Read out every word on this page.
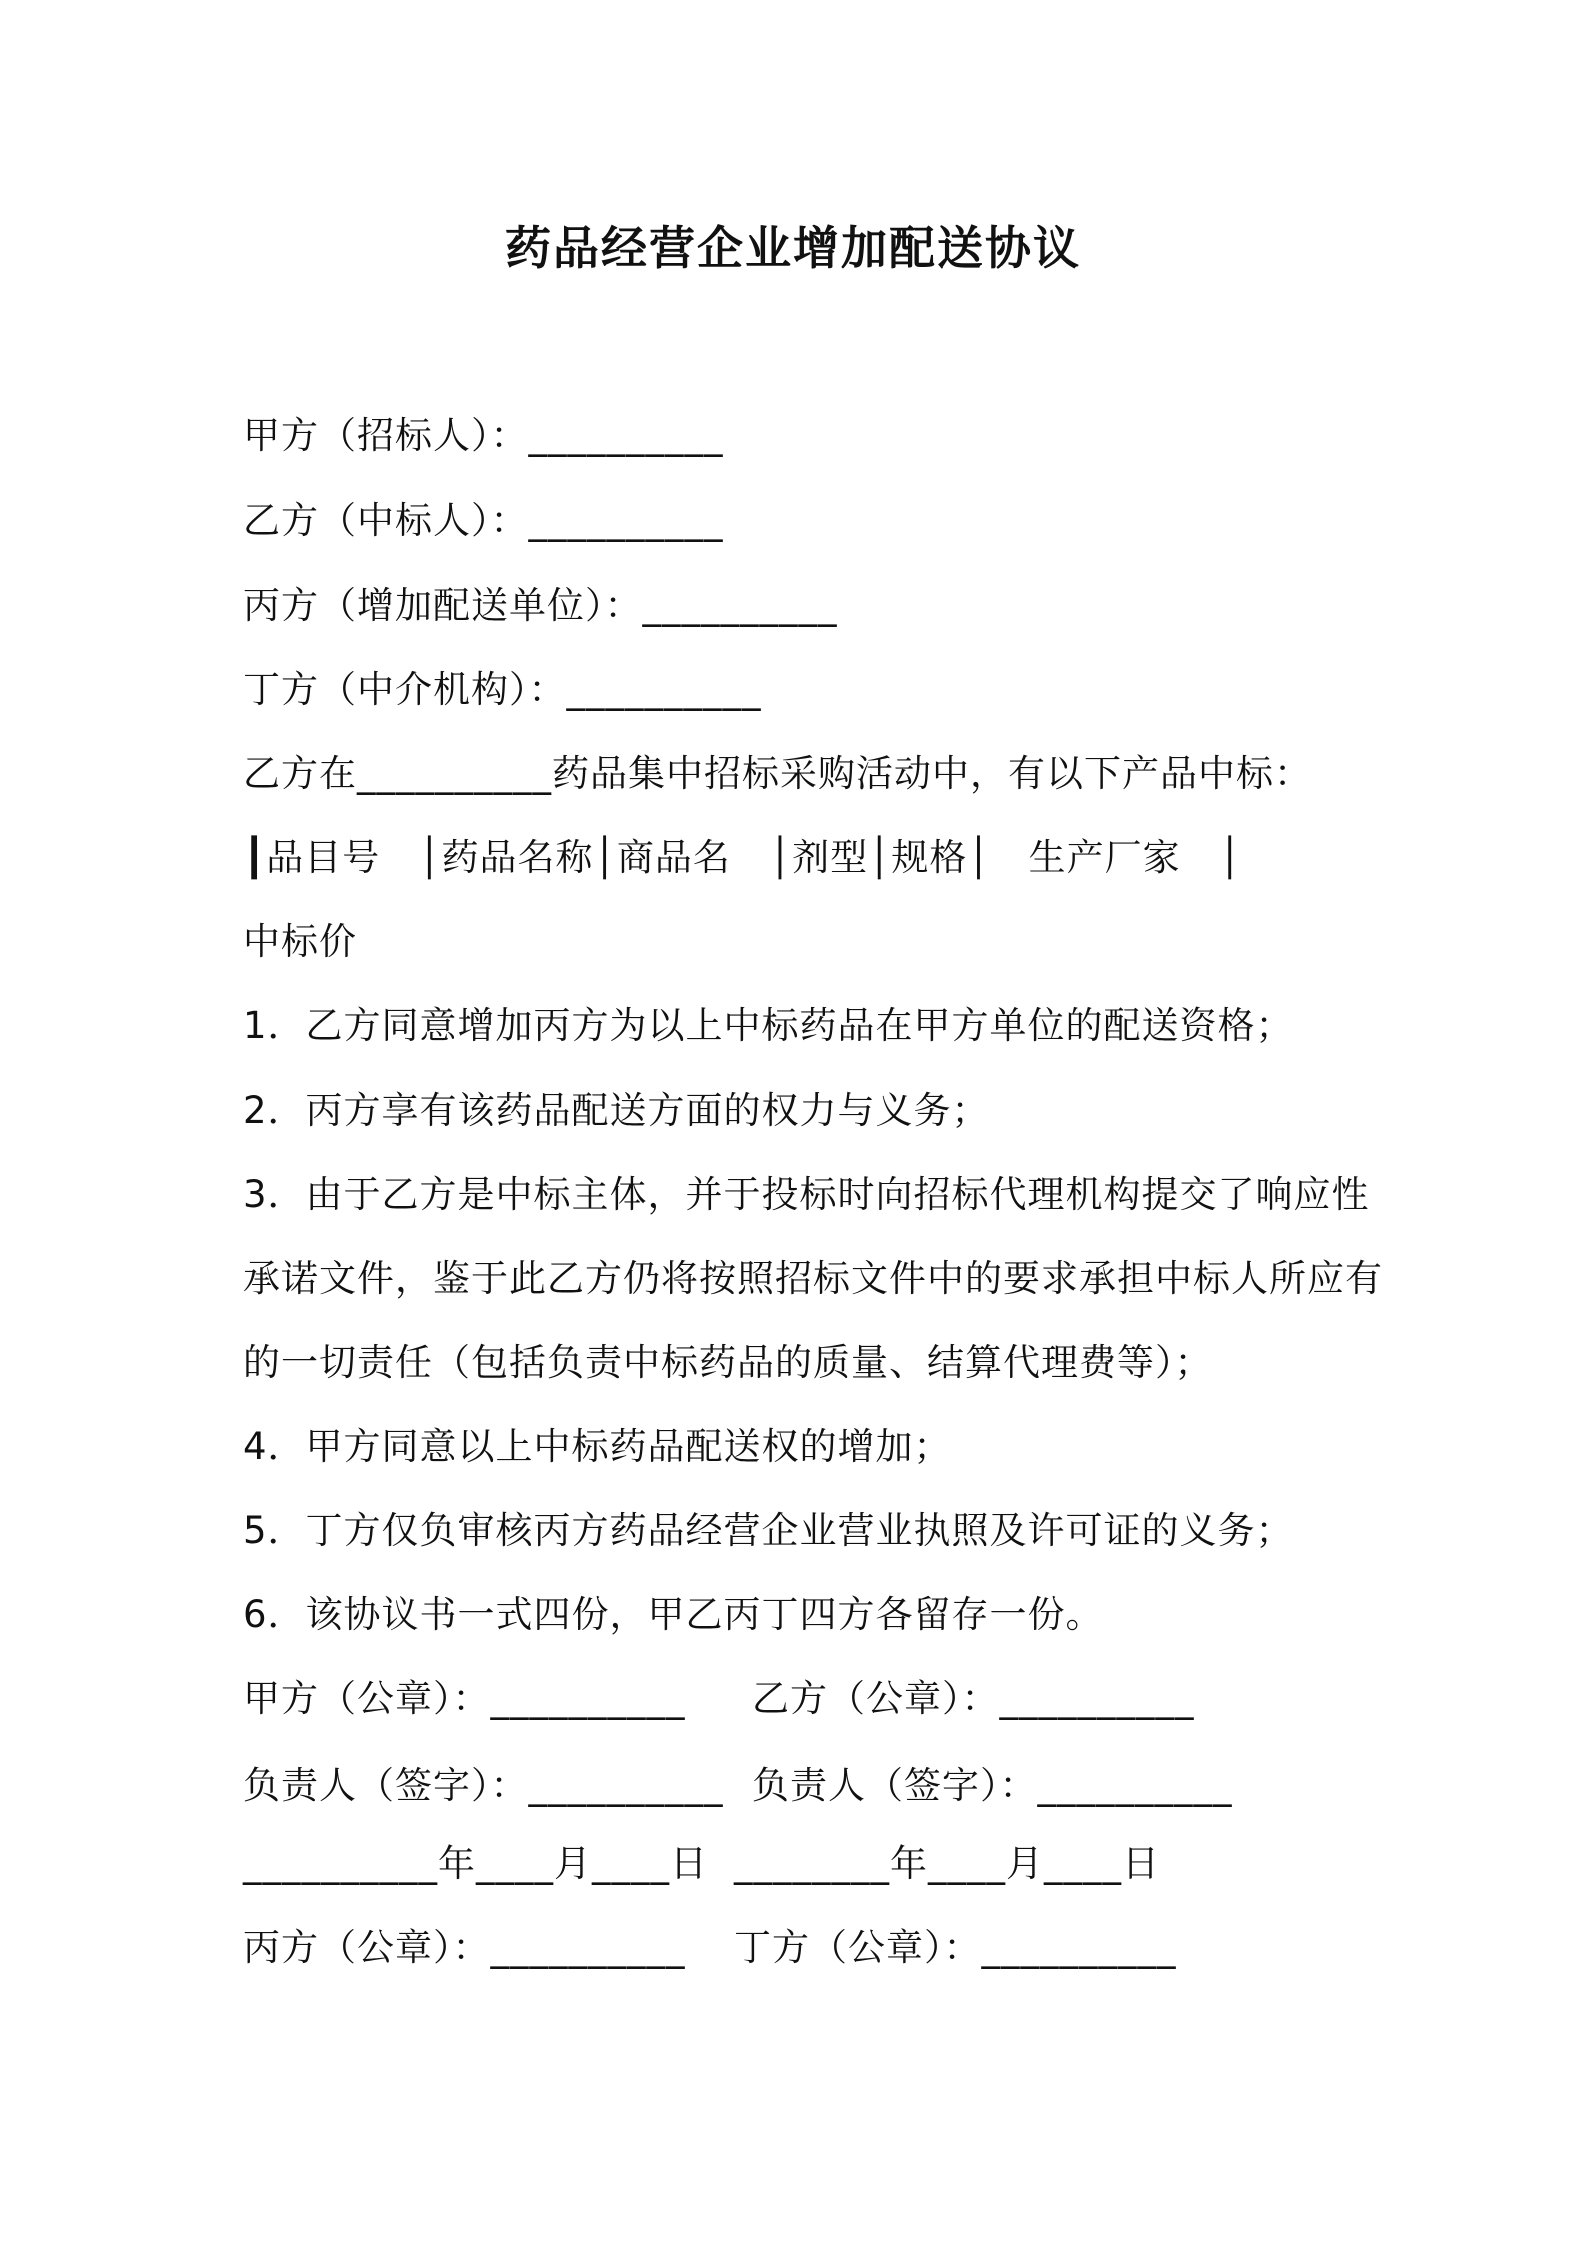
药品经营企业增加配送协议
甲方（招标人）：__________
乙方（中标人）：__________
丙方（增加配送单位）：__________
丁方（中介机构）：__________
乙方在__________药品集中招标采购活动中，有以下产品中标：
┃品目号　│药品名称│商品名　│剂型│规格│　生产厂家　│
中标价
1．乙方同意增加丙方为以上中标药品在甲方单位的配送资格；
2．丙方享有该药品配送方面的权力与义务；
3．由于乙方是中标主体，并于投标时向招标代理机构提交了响应性
承诺文件，鉴于此乙方仍将按照招标文件中的要求承担中标人所应有
的一切责任（包括负责中标药品的质量、结算代理费等）；
4．甲方同意以上中标药品配送权的增加；
5．丁方仅负审核丙方药品经营企业营业执照及许可证的义务；
6．该协议书一式四份，甲乙丙丁四方各留存一份。
甲方（公章）：__________ 乙方（公章）：__________
负责人（签字）：__________ 负责人（签字）：__________
__________年____月____日 ________年____月____日
丙方（公章）：__________ 丁方（公章）：__________
